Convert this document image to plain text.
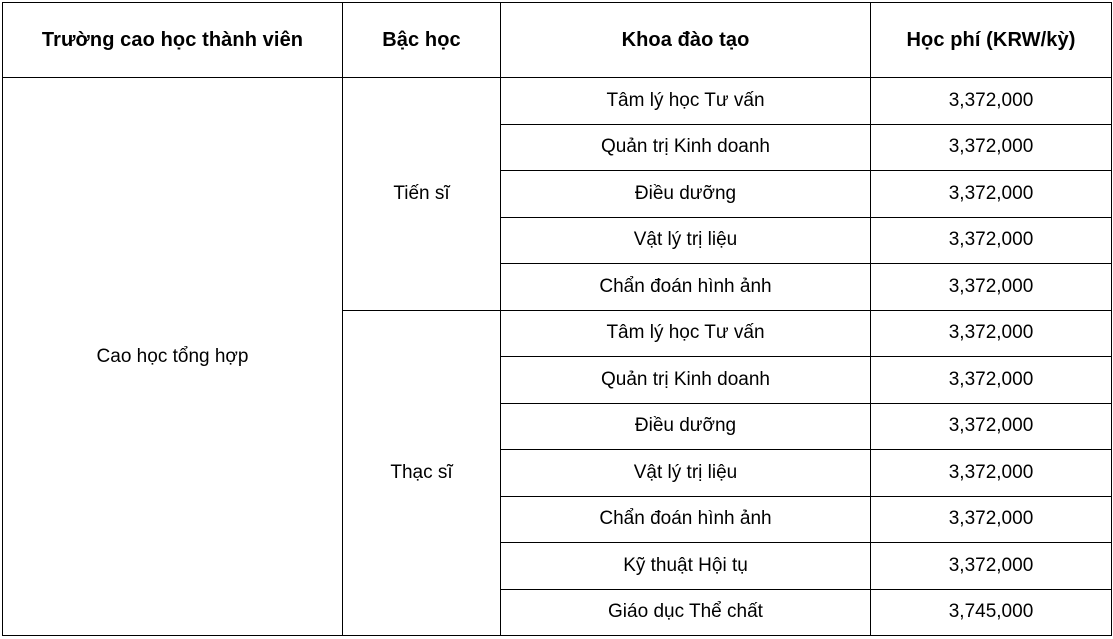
Trường cao học thành viên	Bậc học	Khoa đào tạo	Học phí (KRW/kỳ)
Cao học tổng hợp	Tiến sĩ	Tâm lý học Tư vấn	3,372,000
		Quản trị Kinh doanh	3,372,000
		Điều dưỡng	3,372,000
		Vật lý trị liệu	3,372,000
		Chẩn đoán hình ảnh	3,372,000
	Thạc sĩ	Tâm lý học Tư vấn	3,372,000
		Quản trị Kinh doanh	3,372,000
		Điều dưỡng	3,372,000
		Vật lý trị liệu	3,372,000
		Chẩn đoán hình ảnh	3,372,000
		Kỹ thuật Hội tụ	3,372,000
		Giáo dục Thể chất	3,745,000
